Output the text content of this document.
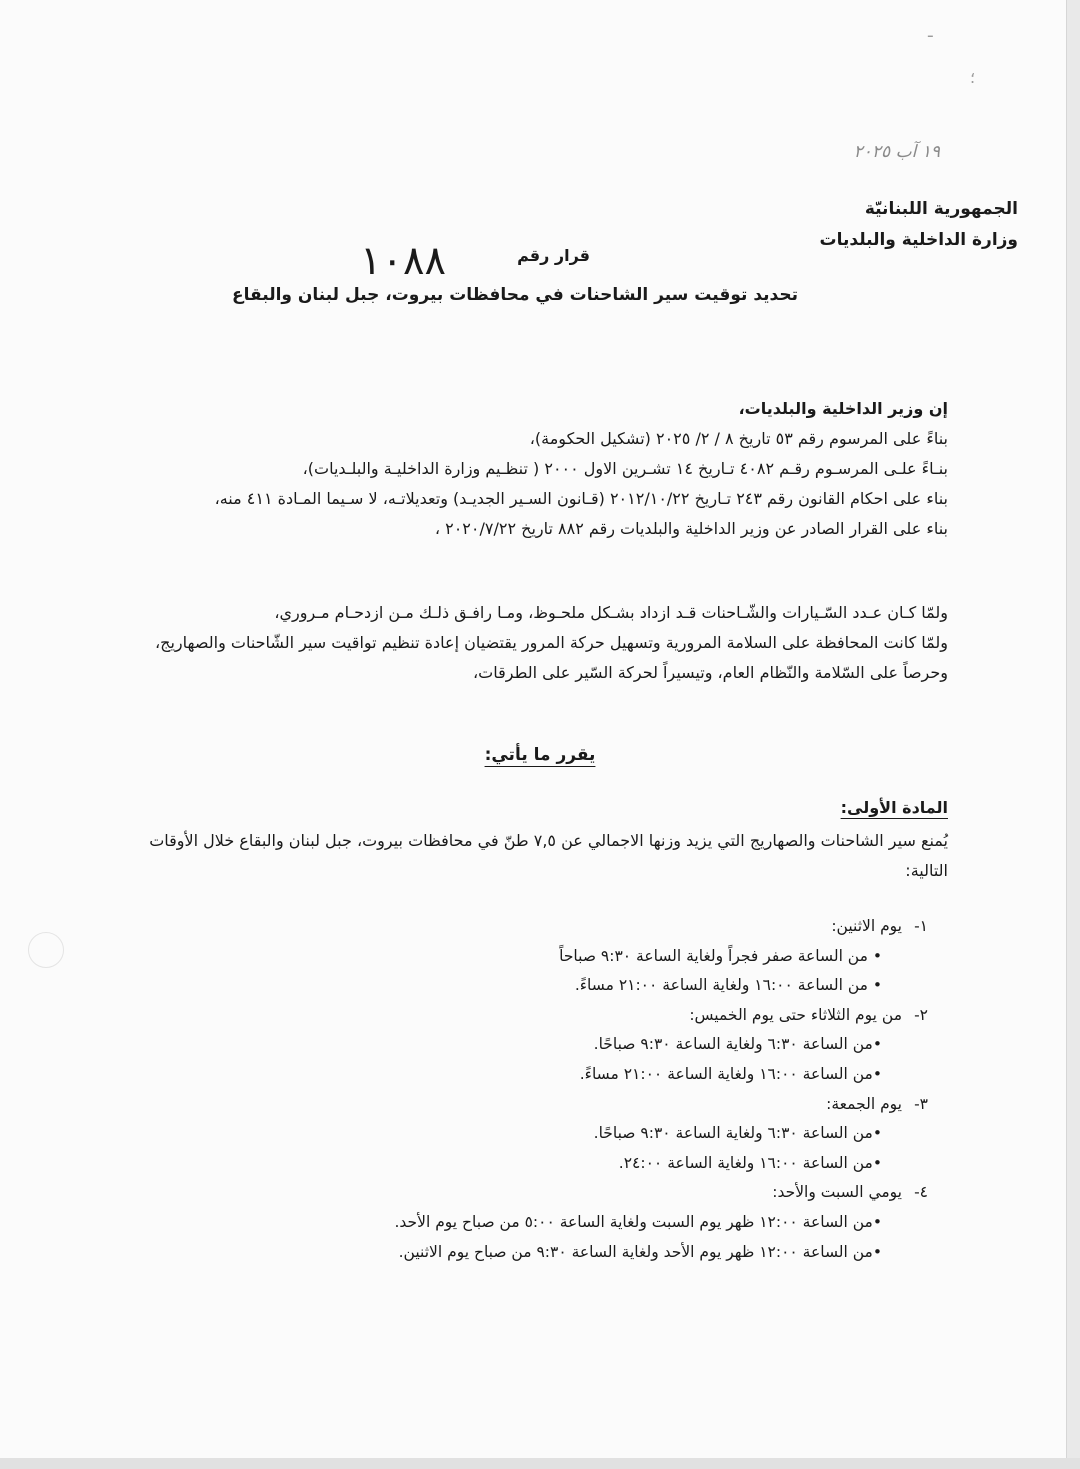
ـ
؛
١٩ آب ٢٠٢٥
الجمهورية اللبنانيّة
وزارة الداخلية والبلديات
قرار رقم
١٠٨٨
تحديد توقيت سير الشاحنات في محافظات بيروت، جبل لبنان والبقاع
إن وزير الداخلية والبلديات،
بناءً على المرسوم رقم ٥٣ تاريخ ٨ / ٢/ ٢٠٢٥ (تشكيل الحكومة)،
بنـاءً علـى المرسـوم رقـم ٤٠٨٢ تـاريخ ١٤ تشـرين الاول ٢٠٠٠ ( تنظـيم وزارة الداخليـة والبلـديات)،
بناء على احكام القانون رقم ٢٤٣ تـاريخ ٢٠١٢/١٠/٢٢ (قـانون السـير الجديـد) وتعديلاتـه، لا سـيما المـادة ٤١١ منه،
بناء على القرار الصادر عن وزير الداخلية والبلديات رقم ٨٨٢ تاريخ ٢٠٢٠/٧/٢٢ ،
ولمّا كـان عـدد السّـيارات والشّـاحنات قـد ازداد بشـكل ملحـوظ، ومـا رافـق ذلـك مـن ازدحـام مـروري،
ولمّا كانت المحافظة على السلامة المرورية وتسهيل حركة المرور يقتضيان إعادة تنظيم تواقيت سير الشّاحنات والصهاريج،
وحرصاً على السّلامة والنّظام العام، وتيسيراً لحركة السّير على الطرقات،
يقرر ما يأتي:
المادة الأولى:
يُمنع سير الشاحنات والصهاريج التي يزيد وزنها الاجمالي عن ٧,٥ طنّ في محافظات بيروت، جبل لبنان والبقاع خلال الأوقات التالية:
١-يوم الاثنين:
• من الساعة صفر فجراً ولغاية الساعة ٩:٣٠ صباحاً
• من الساعة ١٦:٠٠ ولغاية الساعة ٢١:٠٠ مساءً.
٢-من يوم الثلاثاء حتى يوم الخميس:
• من الساعة ٦:٣٠ ولغاية الساعة ٩:٣٠ صباحًا.
• من الساعة ١٦:٠٠ ولغاية الساعة ٢١:٠٠ مساءً.
٣-يوم الجمعة:
• من الساعة ٦:٣٠ ولغاية الساعة ٩:٣٠ صباحًا.
• من الساعة ١٦:٠٠ ولغاية الساعة ٢٤:٠٠.
٤-يومي السبت والأحد:
• من الساعة ١٢:٠٠ ظهر يوم السبت ولغاية الساعة ٥:٠٠ من صباح يوم الأحد.
• من الساعة ١٢:٠٠ ظهر يوم الأحد ولغاية الساعة ٩:٣٠ من صباح يوم الاثنين.
